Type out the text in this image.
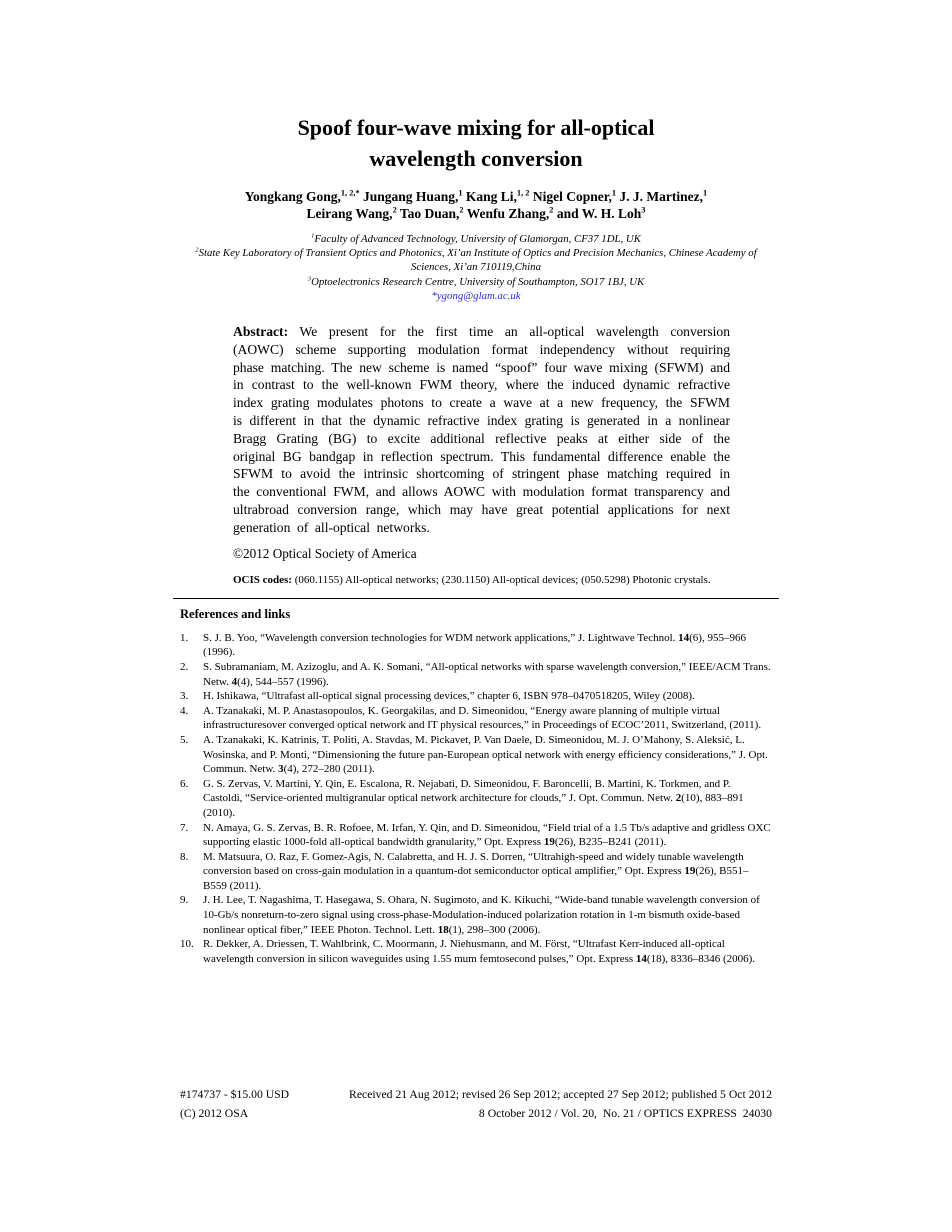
Spoof four-wave mixing for all-optical
wavelength conversion
Yongkang Gong,$^{1, 2,*}$ Jungang Huang,$^1$ Kang Li,$^{1, 2}$ Nigel Copner,$^1$ J. J. Martinez,$^1$
Leirang Wang,$^2$ Tao Duan,$^2$ Wenfu Zhang,$^2$ and W. H. Loh$^3$
$^1$Faculty of Advanced Technology, University of Glamorgan, CF37 1DL, UK
$^2$State Key Laboratory of Transient Optics and Photonics, Xi’an Institute of Optics and Precision Mechanics, Chinese Academy of Sciences, Xi’an 710119,China
$^3$Optoelectronics Research Centre, University of Southampton, SO17 1BJ, UK
*ygong@glam.ac.uk

Abstract: We present for the first time an all-optical wavelength conversion (AOWC) scheme supporting modulation format independency without requiring phase matching. The new scheme is named “spoof” four wave mixing (SFWM) and in contrast to the well-known FWM theory, where the induced dynamic refractive index grating modulates photons to create a wave at a new frequency, the SFWM is different in that the dynamic refractive index grating is generated in a nonlinear Bragg Grating (BG) to excite additional reflective peaks at either side of the original BG bandgap in reflection spectrum. This fundamental difference enable the SFWM to avoid the intrinsic shortcoming of stringent phase matching required in the conventional FWM, and allows AOWC with modulation format transparency and ultrabroad conversion range, which may have great potential applications for next generation of all-optical networks.

©2012 Optical Society of America

OCIS codes: (060.1155) All-optical networks; (230.1150) All-optical devices; (050.5298) Photonic crystals.

References and links
1.	S. J. B. Yoo, “Wavelength conversion technologies for WDM network applications,” J. Lightwave Technol. 14(6), 955–966 (1996).
2.	S. Subramaniam, M. Azizoglu, and A. K. Somani, “All-optical networks with sparse wavelength conversion,” IEEE/ACM Trans. Netw. 4(4), 544–557 (1996).
3.	H. Ishikawa, “Ultrafast all-optical signal processing devices,” chapter 6, ISBN 978–0470518205, Wiley (2008).
4.	A. Tzanakaki, M. P. Anastasopoulos, K. Georgakilas, and D. Simeonidou, “Energy aware planning of multiple virtual infrastructuresover converged optical network and IT physical resources,” in Proceedings of ECOC’2011, Switzerland, (2011).
5.	A. Tzanakaki, K. Katrinis, T. Politi, A. Stavdas, M. Pickavet, P. Van Daele, D. Simeonidou, M. J. O’Mahony, S. Aleksić, L. Wosinska, and P. Monti, “Dimensioning the future pan-European optical network with energy efficiency considerations,” J. Opt. Commun. Netw. 3(4), 272–280 (2011).
6.	G. S. Zervas, V. Martini, Y. Qin, E. Escalona, R. Nejabati, D. Simeonidou, F. Baroncelli, B. Martini, K. Torkmen, and P. Castoldi, “Service-oriented multigranular optical network architecture for clouds,” J. Opt. Commun. Netw. 2(10), 883–891 (2010).
7.	N. Amaya, G. S. Zervas, B. R. Rofoee, M. Irfan, Y. Qin, and D. Simeonidou, “Field trial of a 1.5 Tb/s adaptive and gridless OXC supporting elastic 1000-fold all-optical bandwidth granularity,” Opt. Express 19(26), B235–B241 (2011).
8.	M. Matsuura, O. Raz, F. Gomez-Agis, N. Calabretta, and H. J. S. Dorren, “Ultrahigh-speed and widely tunable wavelength conversion based on cross-gain modulation in a quantum-dot semiconductor optical amplifier,” Opt. Express 19(26), B551–B559 (2011).
9.	J. H. Lee, T. Nagashima, T. Hasegawa, S. Ohara, N. Sugimoto, and K. Kikuchi, “Wide-band tunable wavelength conversion of 10-Gb/s nonreturn-to-zero signal using cross-phase-Modulation-induced polarization rotation in 1-m bismuth oxide-based nonlinear optical fiber,” IEEE Photon. Technol. Lett. 18(1), 298–300 (2006).
10. R. Dekker, A. Driessen, T. Wahlbrink, C. Moormann, J. Niehusmann, and M. Först, “Ultrafast Kerr-induced all-optical wavelength conversion in silicon waveguides using 1.55 mum femtosecond pulses,” Opt. Express 14(18), 8336–8346 (2006).
#174737 - $15.00 USD	Received 21 Aug 2012; revised 26 Sep 2012; accepted 27 Sep 2012; published 5 Oct 2012
(C) 2012 OSA	8 October 2012 / Vol. 20,  No. 21 / OPTICS EXPRESS  24030
